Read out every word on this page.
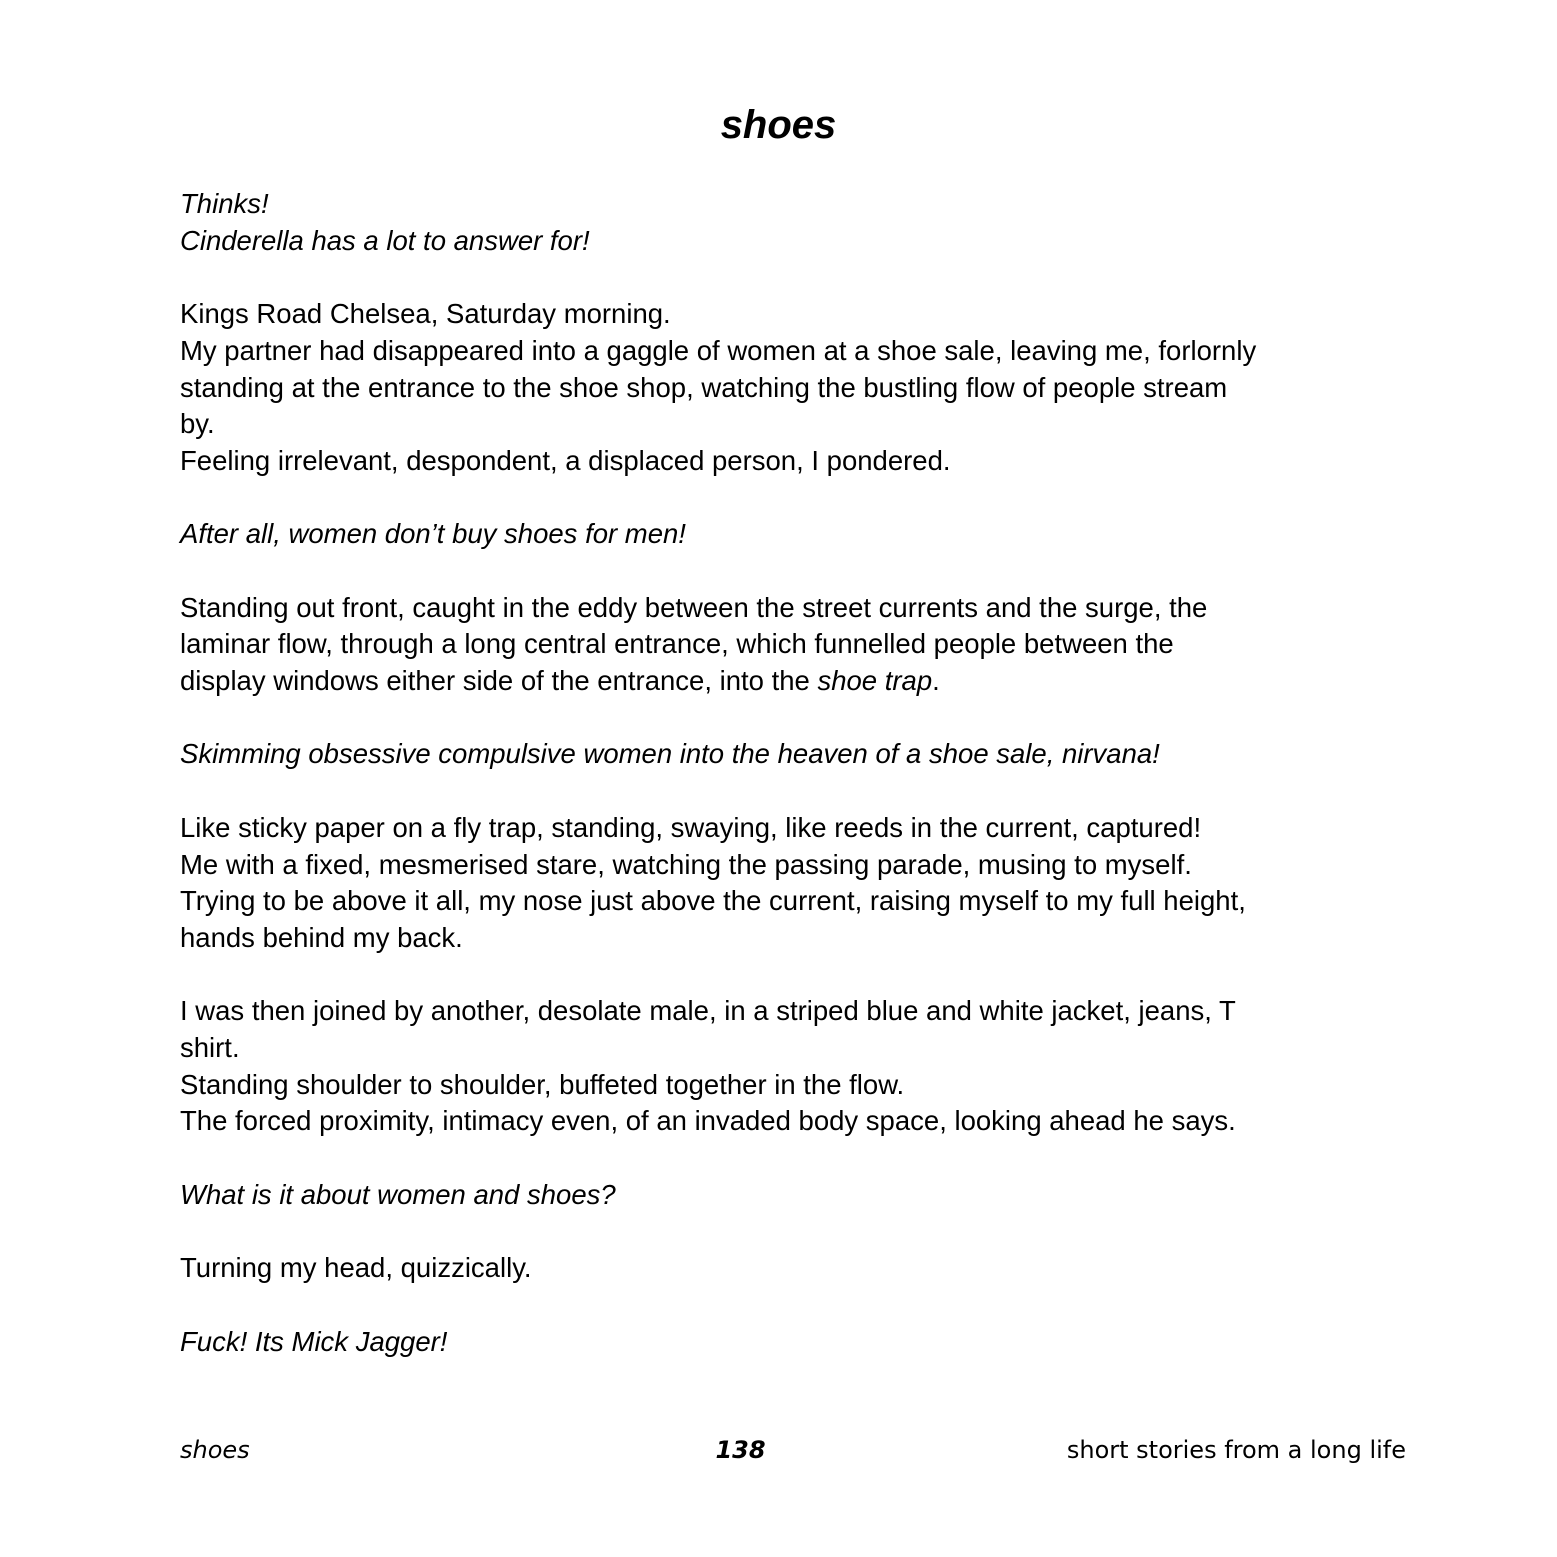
shoes

Thinks!
Cinderella has a lot to answer for!

Kings Road Chelsea, Saturday morning.
My partner had disappeared into a gaggle of women at a shoe sale, leaving me, forlornly
standing at the entrance to the shoe shop, watching the bustling flow of people stream
by.
Feeling irrelevant, despondent, a displaced person, I pondered.

After all, women don’t buy shoes for men!

Standing out front, caught in the eddy between the street currents and the surge, the
laminar flow, through a long central entrance, which funnelled people between the
display windows either side of the entrance, into the shoe trap.

Skimming obsessive compulsive women into the heaven of a shoe sale, nirvana!

Like sticky paper on a fly trap, standing, swaying, like reeds in the current, captured!
Me with a fixed, mesmerised stare, watching the passing parade, musing to myself.
Trying to be above it all, my nose just above the current, raising myself to my full height,
hands behind my back.

I was then joined by another, desolate male, in a striped blue and white jacket, jeans, T
shirt.
Standing shoulder to shoulder, buffeted together in the flow.
The forced proximity, intimacy even, of an invaded body space, looking ahead he says.

What is it about women and shoes?

Turning my head, quizzically.

Fuck! Its Mick Jagger!

shoes	138	short stories from a long life
